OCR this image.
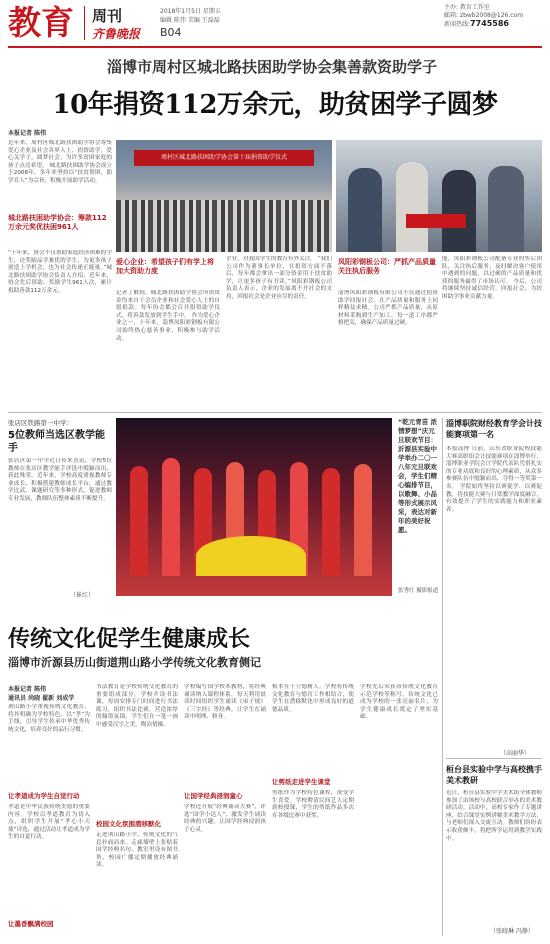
教育 周刊
齐鲁晚报 B04
2018年1月5日 星期五
编辑 陈伟 美编 王磊磊
主办: 教育工作室
邮箱: zbwb2008@126.com
新闻热线:7745586
淄博市周村区城北路扶困助学协会集善款资助学子
10年捐资112万余元，助贫困学子圆梦
本报记者 陈伟
近年来，周村区城北路扶困助学协会筹集爱心企业及社会各界人士，捐资助学，爱心关学子，圆梦社会，为许多贫困家庭的孩子点亮希望。 城北路扶困助学协会成立于2008年，多年来坚持以“扶贫帮困，助学育人”为宗旨，积极开展助学活动。
城北路扶困助学协会：筹款112万余元奖优扶困961人
“十年来，协会不仅帮助家庭经济困难的学生，还奖励品学兼优的学生，为更多孩子创造上学机会，也为社会传递正能量。”城北路扶困助学协会负责人介绍，近年来，协会先后资助、奖励学生961人次，累计捐助善款112万余元。
周村区城北路扶困助学协会第十届捐资助学仪式
爱心企业：希望孩子们有学上将加大资助力度
记者了解到，城北路扶困助学协会所需资金均来自于会员企业和社会爱心人士的自愿捐款。每年协会都会召开捐资助学仪式，将善款发放到学生手中。 作为爱心企业之一，十年来，淄博凤阳彩钢板有限公司始终热心慈善事业，积极参与助学活动。
企业，对我国学生的教育有外关注。 “我们公司作为董事长单位，在捐资方面不落后，每年都会拿出一部分资金用于扶贫助学，让更多孩子有书读。”凤阳彩钢板公司负责人表示，企业的发展离不开社会的支持，回报社会是企业应尽的责任。
凤阳彩钢板公司：严抓产品质量关注执后服务
淄博凤阳彩钢板有限公司不仅通过捐资助学回报社会，在产品质量和服务上同样精益求精。公司严抓产品质量，从原材料采购到生产加工，每一道工序都严格把关，确保产品质量过硬。
能，凤阳彩钢板公司配备专业的售后团队，关注执后服务，及时解决客户使用中遇到的问题，以过硬的产品质量和优质的服务赢得了市场认可。 今后，公司将继续坚持诚信经营，回报社会，为扶困助学事业贡献力量。
张店区铁路第一中学：
5位教师当选区教学能手
张店区第一中学近日传来喜讯，学校5位教师在张店区教学能手评选中脱颖而出，获此殊荣。近年来，学校高度重视教师专业成长，积极搭建教师成长平台，通过教学比武、课题研究等多种形式，促进教师专业发展，教师队伍整体素质不断提升。
（崔红）
“乾元青苗 浓情梦想”庆元旦联欢节目：沂源县实验中学举办二〇一八年元旦联欢会，学生们精心编排节目，以歌舞、小品等形式展示风采，表达对新年的美好祝愿。
张秀红 摄影报道
淄博职院财经教育学会计技能赛项第一名
本报淄博 日前，山东省职业院校技能大赛高职组会计技能赛项在淄博举行，淄博职业学院会计学院代表队凭借扎实的专业功底和良好的心理素质，从众多参赛队伍中脱颖而出，夺得一等奖第一名。 学院始终坚持以赛促学、以赛促教，将技能大赛与日常教学深度融合，有效提升了学生的实践能力和职业素养。
（高丽华）
桓台县实验中学与高校携手美术教研
近日，桓台县实验中学美术组全体教师参加了由该校与高校联合举办的美术教研活动。活动中，高校专家作了专题讲座，结合课堂实例讲解美术教学方法，与老师们深入交流互动。教师们纷纷表示收获颇丰，将把所学运用到教学实践中。
（张晓琳 冯静）
传统文化促学生健康成长
淄博市沂源县历山街道荆山路小学传统文化教育侧记
本报记者 陈伟
通讯员 尚晓 翟新 刘成学
荆山路小学重视传统文化教育，将其明确为学校特色，以“孝”为主线，引导学生传承中华优秀传统文化，培养良好的品行习惯。
让孝道成为学生自觉行动
孝道是中华民族传统美德的重要内容。学校以孝道教育为切入点，组织学生开展“孝心小天使”评选，通过活动让孝道成为学生的自觉行动。
让墨香飘满校园
书法教育是学校传统文化教育的重要组成部分。学校开设书法课，每周安排专门时间进行书法练习，组织书法比赛，营造浓厚的翰墨氛围。学生们在一笔一画中感受汉字之美，陶冶情操。
校园文化氛围潜移默化
走进荆山路小学，传统文化的气息扑面而来。走廊墙壁上张贴着国学经典名句，教室里设有图书角，校园广播定期播放经典诵读。
学校编写国学校本教材，将经典诵读纳入课程体系，每天利用晨读时间组织学生诵读《弟子规》《三字经》等经典，让学生在诵读中明理、修身。
让国学经典浸润童心
学校还开展“经典诵读大赛”，评选“国学小达人”，激发学生诵读经典的兴趣，让国学经典浸润孩子心灵。
根本在于立德树人。学校将传统文化教育与德育工作相结合，使学生在潜移默化中形成良好的道德品质。
让剪纸走进学生课堂
剪纸作为学校特色课程，深受学生喜爱。学校聘请民间艺人定期到校授课，学生的剪纸作品多次在各级比赛中获奖。
学校先后荣获市传统文化教育示范学校等称号，传统文化已成为学校的一张亮丽名片，为学生健康成长奠定了坚实基础。
